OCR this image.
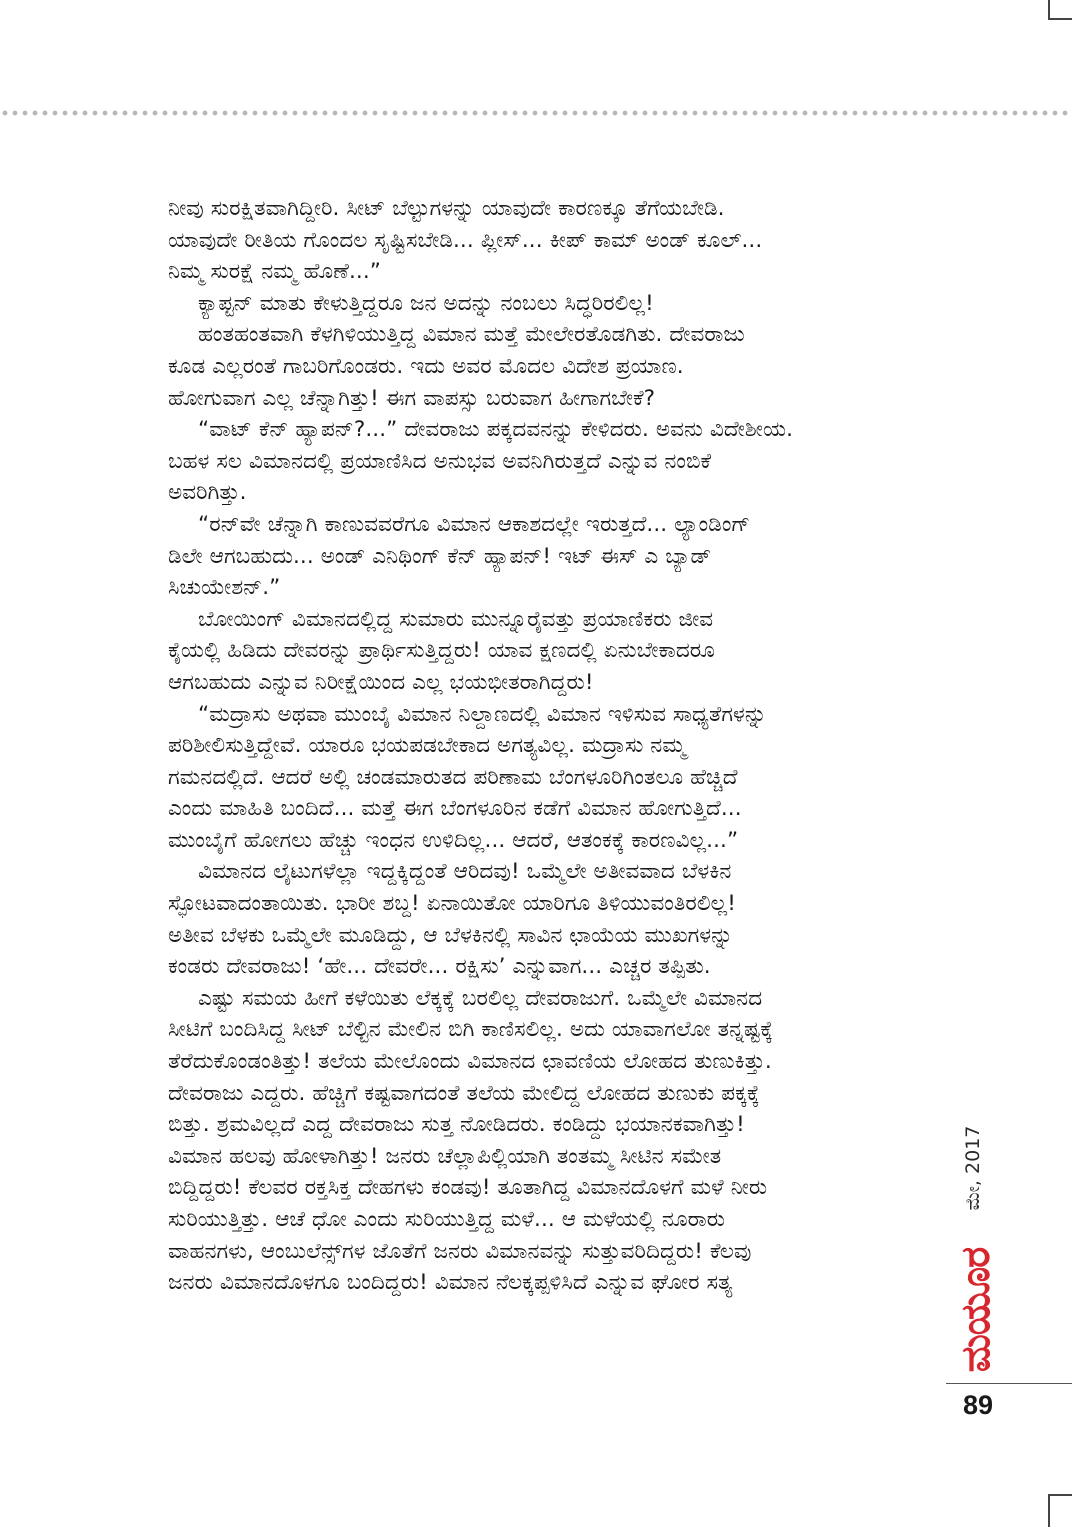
ನೀವು ಸುರಕ್ಷಿತವಾಗಿದ್ದೀರಿ. ಸೀಟ್ ಬೆಲ್ಟುಗಳನ್ನು ಯಾವುದೇ ಕಾರಣಕ್ಕೂ ತೆಗೆಯಬೇಡಿ.
ಯಾವುದೇ ರೀತಿಯ ಗೊಂದಲ ಸೃಷ್ಟಿಸಬೇಡಿ... ಪ್ಲೀಸ್... ಕೀಪ್ ಕಾಮ್ ಅಂಡ್ ಕೂಲ್...
ನಿಮ್ಮ ಸುರಕ್ಷೆ ನಮ್ಮ ಹೊಣೆ...”
ಕ್ಯಾಪ್ಟನ್ ಮಾತು ಕೇಳುತ್ತಿದ್ದರೂ ಜನ ಅದನ್ನು ನಂಬಲು ಸಿದ್ಧರಿರಲಿಲ್ಲ!
ಹಂತಹಂತವಾಗಿ ಕೆಳಗಿಳಿಯುತ್ತಿದ್ದ ವಿಮಾನ ಮತ್ತೆ ಮೇಲೇರತೊಡಗಿತು. ದೇವರಾಜು
ಕೂಡ ಎಲ್ಲರಂತೆ ಗಾಬರಿಗೊಂಡರು. ಇದು ಅವರ ಮೊದಲ ವಿದೇಶ ಪ್ರಯಾಣ.
ಹೋಗುವಾಗ ಎಲ್ಲ ಚೆನ್ನಾಗಿತ್ತು! ಈಗ ವಾಪಸ್ಸು ಬರುವಾಗ ಹೀಗಾಗಬೇಕೆ?
“ವಾಟ್ ಕೆನ್ ಹ್ಯಾಪನ್?...” ದೇವರಾಜು ಪಕ್ಕದವನನ್ನು ಕೇಳಿದರು. ಅವನು ವಿದೇಶೀಯ.
ಬಹಳ ಸಲ ವಿಮಾನದಲ್ಲಿ ಪ್ರಯಾಣಿಸಿದ ಅನುಭವ ಅವನಿಗಿರುತ್ತದೆ ಎನ್ನುವ ನಂಬಿಕೆ
ಅವರಿಗಿತ್ತು.
“ರನ್‌ವೇ ಚೆನ್ನಾಗಿ ಕಾಣುವವರೆಗೂ ವಿಮಾನ ಆಕಾಶದಲ್ಲೇ ಇರುತ್ತದೆ... ಲ್ಯಾಂಡಿಂಗ್
ಡಿಲೇ ಆಗಬಹುದು... ಅಂಡ್ ಎನಿಥಿಂಗ್ ಕೆನ್ ಹ್ಯಾಪನ್! ಇಟ್ ಈಸ್ ಎ ಬ್ಯಾಡ್
ಸಿಚುಯೇಶನ್.”
ಬೋಯಿಂಗ್ ವಿಮಾನದಲ್ಲಿದ್ದ ಸುಮಾರು ಮುನ್ನೂರೈವತ್ತು ಪ್ರಯಾಣಿಕರು ಜೀವ
ಕೈಯಲ್ಲಿ ಹಿಡಿದು ದೇವರನ್ನು ಪ್ರಾರ್ಥಿಸುತ್ತಿದ್ದರು! ಯಾವ ಕ್ಷಣದಲ್ಲಿ ಏನುಬೇಕಾದರೂ
ಆಗಬಹುದು ಎನ್ನುವ ನಿರೀಕ್ಷೆಯಿಂದ ಎಲ್ಲ ಭಯಭೀತರಾಗಿದ್ದರು!
“ಮದ್ರಾಸು ಅಥವಾ ಮುಂಬೈ ವಿಮಾನ ನಿಲ್ದಾಣದಲ್ಲಿ ವಿಮಾನ ಇಳಿಸುವ ಸಾಧ್ಯತೆಗಳನ್ನು
ಪರಿಶೀಲಿಸುತ್ತಿದ್ದೇವೆ. ಯಾರೂ ಭಯಪಡಬೇಕಾದ ಅಗತ್ಯವಿಲ್ಲ. ಮದ್ರಾಸು ನಮ್ಮ
ಗಮನದಲ್ಲಿದೆ. ಆದರೆ ಅಲ್ಲಿ ಚಂಡಮಾರುತದ ಪರಿಣಾಮ ಬೆಂಗಳೂರಿಗಿಂತಲೂ ಹೆಚ್ಚಿದೆ
ಎಂದು ಮಾಹಿತಿ ಬಂದಿದೆ... ಮತ್ತೆ ಈಗ ಬೆಂಗಳೂರಿನ ಕಡೆಗೆ ವಿಮಾನ ಹೋಗುತ್ತಿದೆ...
ಮುಂಬೈಗೆ ಹೋಗಲು ಹೆಚ್ಚು ಇಂಧನ ಉಳಿದಿಲ್ಲ... ಆದರೆ, ಆತಂಕಕ್ಕೆ ಕಾರಣವಿಲ್ಲ...”
ವಿಮಾನದ ಲೈಟುಗಳೆಲ್ಲಾ ಇದ್ದಕ್ಕಿದ್ದಂತೆ ಆರಿದವು! ಒಮ್ಮೆಲೇ ಅತೀವವಾದ ಬೆಳಕಿನ
ಸ್ಫೋಟವಾದಂತಾಯಿತು. ಭಾರೀ ಶಬ್ದ! ಏನಾಯಿತೋ ಯಾರಿಗೂ ತಿಳಿಯುವಂತಿರಲಿಲ್ಲ!
ಅತೀವ ಬೆಳಕು ಒಮ್ಮೆಲೇ ಮೂಡಿದ್ದು, ಆ ಬೆಳಕಿನಲ್ಲಿ ಸಾವಿನ ಛಾಯೆಯ ಮುಖಗಳನ್ನು
ಕಂಡರು ದೇವರಾಜು! ‘ಹೇ... ದೇವರೇ... ರಕ್ಷಿಸು’ ಎನ್ನುವಾಗ... ಎಚ್ಚರ ತಪ್ಪಿತು.
ಎಷ್ಟು ಸಮಯ ಹೀಗೆ ಕಳೆಯಿತು ಲೆಕ್ಕಕ್ಕೆ ಬರಲಿಲ್ಲ ದೇವರಾಜುಗೆ. ಒಮ್ಮೆಲೇ ವಿಮಾನದ
ಸೀಟಿಗೆ ಬಂದಿಸಿದ್ದ ಸೀಟ್ ಬೆಲ್ಟಿನ ಮೇಲಿನ ಬಿಗಿ ಕಾಣಿಸಲಿಲ್ಲ. ಅದು ಯಾವಾಗಲೋ ತನ್ನಷ್ಟಕ್ಕೆ
ತೆರೆದುಕೊಂಡಂತಿತ್ತು! ತಲೆಯ ಮೇಲೊಂದು ವಿಮಾನದ ಛಾವಣಿಯ ಲೋಹದ ತುಣುಕಿತ್ತು.
ದೇವರಾಜು ಎದ್ದರು. ಹೆಚ್ಚಿಗೆ ಕಷ್ಟವಾಗದಂತೆ ತಲೆಯ ಮೇಲಿದ್ದ ಲೋಹದ ತುಣುಕು ಪಕ್ಕಕ್ಕೆ
ಬಿತ್ತು. ಶ್ರಮವಿಲ್ಲದೆ ಎದ್ದ ದೇವರಾಜು ಸುತ್ತ ನೋಡಿದರು. ಕಂಡಿದ್ದು ಭಯಾನಕವಾಗಿತ್ತು!
ವಿಮಾನ ಹಲವು ಹೋಳಾಗಿತ್ತು! ಜನರು ಚೆಲ್ಲಾಪಿಲ್ಲಿಯಾಗಿ ತಂತಮ್ಮ ಸೀಟಿನ ಸಮೇತ
ಬಿದ್ದಿದ್ದರು! ಕೆಲವರ ರಕ್ತಸಿಕ್ತ ದೇಹಗಳು ಕಂಡವು! ತೂತಾಗಿದ್ದ ವಿಮಾನದೊಳಗೆ ಮಳೆ ನೀರು
ಸುರಿಯುತ್ತಿತ್ತು. ಆಚೆ ಧೋ ಎಂದು ಸುರಿಯುತ್ತಿದ್ದ ಮಳೆ... ಆ ಮಳೆಯಲ್ಲಿ ನೂರಾರು
ವಾಹನಗಳು, ಆಂಬುಲೆನ್ಸ್‌ಗಳ ಜೊತೆಗೆ ಜನರು ವಿಮಾನವನ್ನು ಸುತ್ತುವರಿದಿದ್ದರು! ಕೆಲವು
ಜನರು ವಿಮಾನದೊಳಗೂ ಬಂದಿದ್ದರು! ವಿಮಾನ ನೆಲಕ್ಕಪ್ಪಳಿಸಿದೆ ಎನ್ನುವ ಘೋರ ಸತ್ಯ
ಮೇ, 2017
ಮಯೂರ
89
